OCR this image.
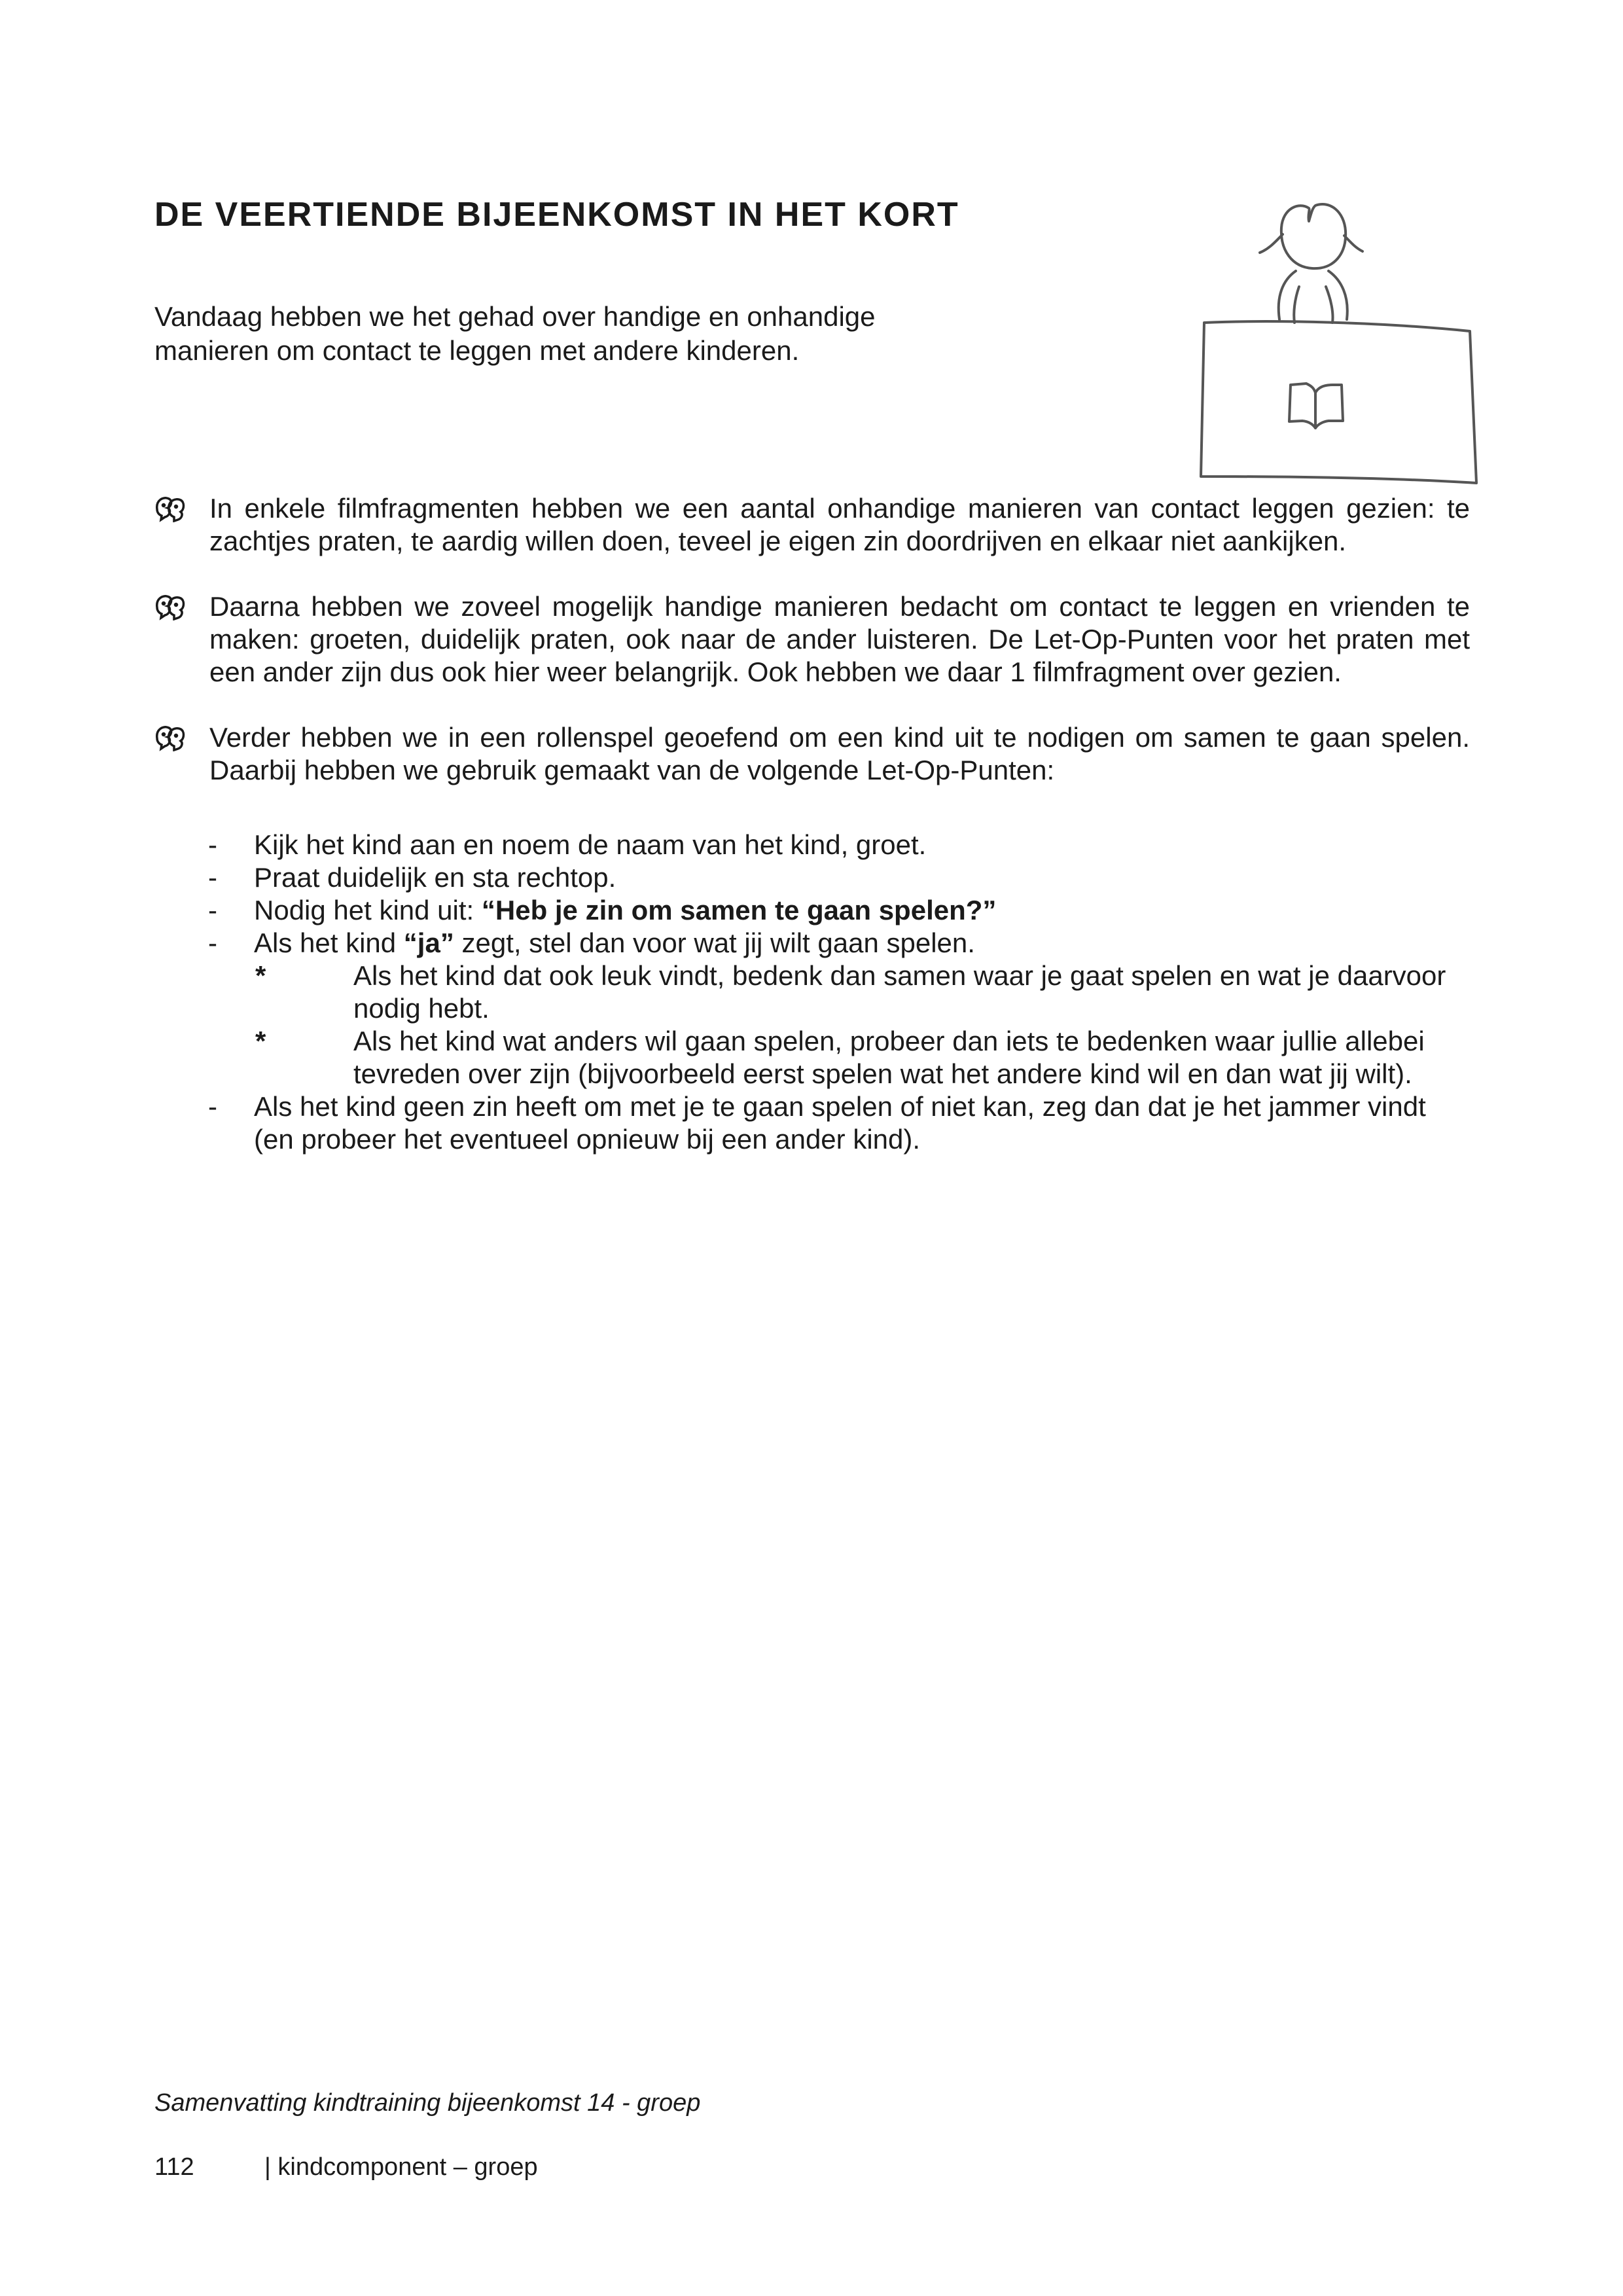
DE VEERTIENDE BIJEENKOMST IN HET KORT

Vandaag hebben we het gehad over handige en onhandige manieren om contact te leggen met andere kinderen.

In enkele filmfragmenten hebben we een aantal onhandige manieren van contact leggen gezien: te zachtjes praten, te aardig willen doen, teveel je eigen zin doordrijven en elkaar niet aankijken.

Daarna hebben we zoveel mogelijk handige manieren bedacht om contact te leggen en vrienden te maken: groeten, duidelijk praten, ook naar de ander luisteren. De Let-Op-Punten voor het praten met een ander zijn dus ook hier weer belangrijk. Ook hebben we daar 1 filmfragment over gezien.

Verder hebben we in een rollenspel geoefend om een kind uit te nodigen om samen te gaan spelen. Daarbij hebben we gebruik gemaakt van de volgende Let-Op-Punten:

- Kijk het kind aan en noem de naam van het kind, groet.
- Praat duidelijk en sta rechtop.
- Nodig het kind uit: “Heb je zin om samen te gaan spelen?”
- Als het kind “ja” zegt, stel dan voor wat jij wilt gaan spelen.
*	Als het kind dat ook leuk vindt, bedenk dan samen waar je gaat spelen en wat je daarvoor nodig hebt.
*	Als het kind wat anders wil gaan spelen, probeer dan iets te bedenken waar jullie allebei tevreden over zijn (bijvoorbeeld eerst spelen wat het andere kind wil en dan wat jij wilt).
- Als het kind geen zin heeft om met je te gaan spelen of niet kan, zeg dan dat je het jammer vindt (en probeer het eventueel opnieuw bij een ander kind).
Samenvatting kindtraining bijeenkomst 14 - groep
112	| kindcomponent – groep
